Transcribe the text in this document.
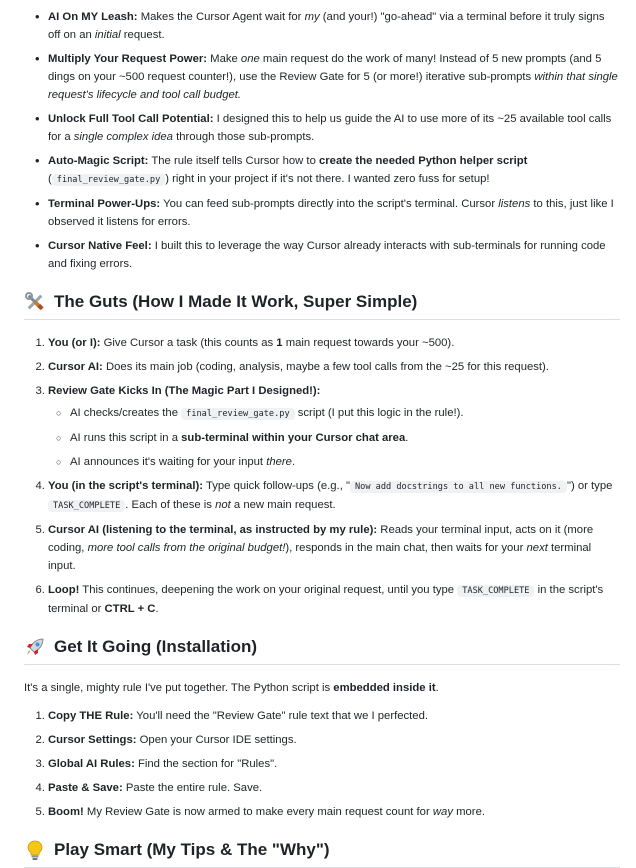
• AI On MY Leash: Makes the Cursor Agent wait for my (and your!) "go-ahead" via a terminal before it truly signs off on an initial request.
• Multiply Your Request Power: Make one main request do the work of many! Instead of 5 new prompts (and 5 dings on your ~500 request counter!), use the Review Gate for 5 (or more!) iterative sub-prompts within that single request's lifecycle and tool call budget.
• Unlock Full Tool Call Potential: I designed this to help us guide the AI to use more of its ~25 available tool calls for a single complex idea through those sub-prompts.
• Auto-Magic Script: The rule itself tells Cursor how to create the needed Python helper script ( final_review_gate.py ) right in your project if it's not there. I wanted zero fuss for setup!
• Terminal Power-Ups: You can feed sub-prompts directly into the script's terminal. Cursor listens to this, just like I observed it listens for errors.
• Cursor Native Feel: I built this to leverage the way Cursor already interacts with sub-terminals for running code and fixing errors.
The Guts (How I Made It Work, Super Simple)
1. You (or I): Give Cursor a task (this counts as 1 main request towards your ~500).
2. Cursor AI: Does its main job (coding, analysis, maybe a few tool calls from the ~25 for this request).
3. Review Gate Kicks In (The Magic Part I Designed!):
○ AI checks/creates the final_review_gate.py script (I put this logic in the rule!).
○ AI runs this script in a sub-terminal within your Cursor chat area.
○ AI announces it's waiting for your input there.
4. You (in the script's terminal): Type quick follow-ups (e.g., " Now add docstrings to all new functions. ") or type TASK_COMPLETE . Each of these is not a new main request.
5. Cursor AI (listening to the terminal, as instructed by my rule): Reads your terminal input, acts on it (more coding, more tool calls from the original budget!), responds in the main chat, then waits for your next terminal input.
6. Loop! This continues, deepening the work on your original request, until you type TASK_COMPLETE in the script's terminal or CTRL + C.
Get It Going (Installation)

It's a single, mighty rule I've put together. The Python script is embedded inside it.

1. Copy THE Rule: You'll need the "Review Gate" rule text that we I perfected.
2. Cursor Settings: Open your Cursor IDE settings.
3. Global AI Rules: Find the section for "Rules".
4. Paste & Save: Paste the entire rule. Save.
5. Boom! My Review Gate is now armed to make every main request count for way more.
Play Smart (My Tips & The "Why")
